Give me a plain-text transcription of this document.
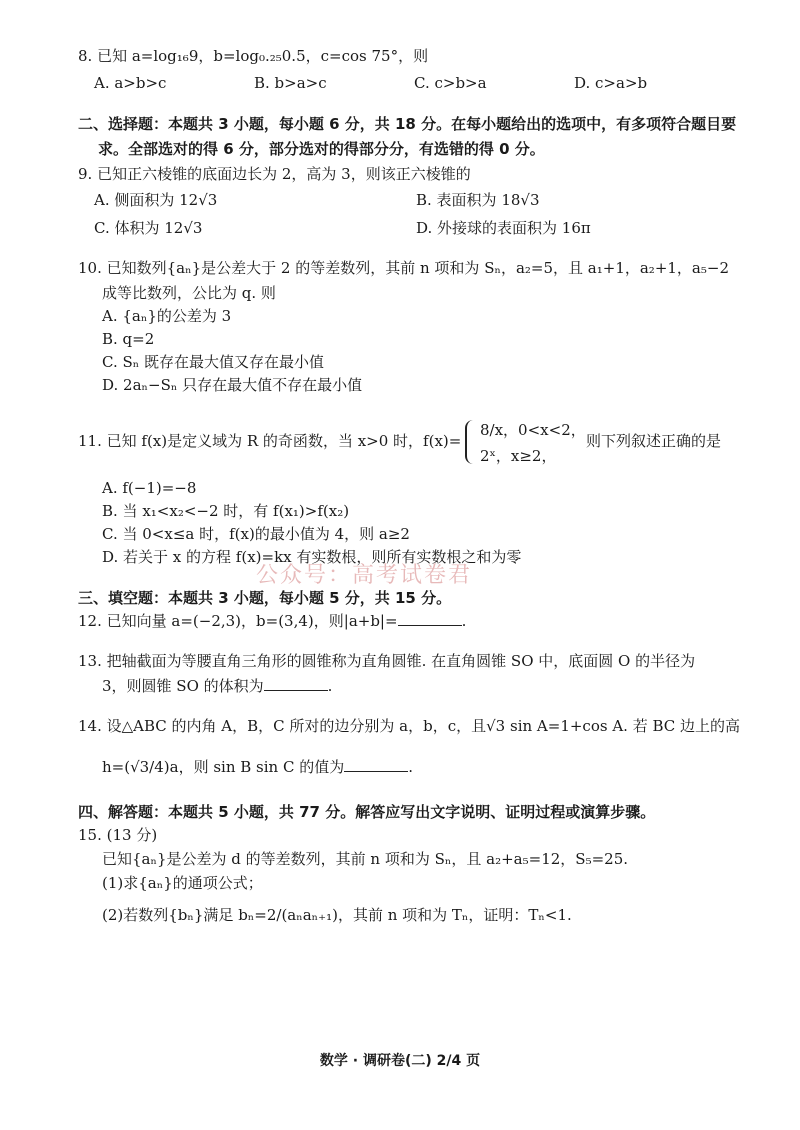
8. 已知 a=log₁₆9，b=log₀.₂₅0.5，c=cos 75°，则
A. a>b>c	B. b>a>c	C. c>b>a	D. c>a>b
二、选择题：本题共 3 小题，每小题 6 分，共 18 分。在每小题给出的选项中，有多项符合题目要
求。全部选对的得 6 分，部分选对的得部分分，有选错的得 0 分。
9. 已知正六棱锥的底面边长为 2，高为 3，则该正六棱锥的
A. 侧面积为 12√3	B. 表面积为 18√3
C. 体积为 12√3	D. 外接球的表面积为 16π
10. 已知数列{aₙ}是公差大于 2 的等差数列，其前 n 项和为 Sₙ，a₂=5，且 a₁+1，a₂+1，a₅−2
成等比数列，公比为 q. 则
A. {aₙ}的公差为 3
B. q=2
C. Sₙ 既存在最大值又存在最小值
D. 2aₙ−Sₙ 只存在最大值不存在最小值
11. 已知 f(x)是定义域为 R 的奇函数，当 x>0 时，f(x)=
8/x，0<x<2，
2ˣ，x≥2，
则下列叙述正确的是
A. f(−1)=−8
B. 当 x₁<x₂<−2 时，有 f(x₁)>f(x₂)
C. 当 0<x≤a 时，f(x)的最小值为 4，则 a≥2
D. 若关于 x 的方程 f(x)=kx 有实数根，则所有实数根之和为零
公众号：高考试卷君
三、填空题：本题共 3 小题，每小题 5 分，共 15 分。
12. 已知向量 a=(−2,3)，b=(3,4)，则|a+b|=	.
13. 把轴截面为等腰直角三角形的圆锥称为直角圆锥. 在直角圆锥 SO 中，底面圆 O 的半径为
3，则圆锥 SO 的体积为	.
14. 设△ABC 的内角 A，B，C 所对的边分别为 a，b，c，且√3 sin A=1+cos A. 若 BC 边上的高
h=(√3/4)a，则 sin B sin C 的值为	.
四、解答题：本题共 5 小题，共 77 分。解答应写出文字说明、证明过程或演算步骤。
15. (13 分)
已知{aₙ}是公差为 d 的等差数列，其前 n 项和为 Sₙ，且 a₂+a₅=12，S₅=25.
(1)求{aₙ}的通项公式；
(2)若数列{bₙ}满足 bₙ=2/(aₙaₙ₊₁)，其前 n 项和为 Tₙ，证明：Tₙ<1.
数学 · 调研卷(二) 2/4 页
